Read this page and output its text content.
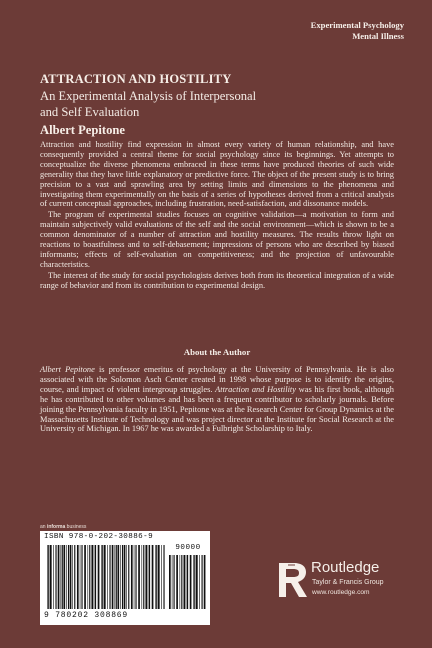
Experimental Psychology
Mental Illness
ATTRACTION AND HOSTILITY
An Experimental Analysis of Interpersonal
and Self Evaluation
Albert Pepitone

Attraction and hostility find expression in almost every variety of human relationship, and have consequently provided a central theme for social psychology since its beginnings. Yet attempts to conceptualize the diverse phenomena embraced in these terms have produced theories of such wide generality that they have little explanatory or predictive force. The object of the present study is to bring precision to a vast and sprawling area by setting limits and dimensions to the phenomena and investigating them experimentally on the basis of a series of hypotheses derived from a critical analysis of current conceptual approaches, including frustration, need-satisfaction, and dissonance models.

The program of experimental studies focuses on cognitive validation—a motivation to form and maintain subjectively valid evaluations of the self and the social environment—which is shown to be a common denominator of a number of attraction and hostility measures. The results throw light on reactions to boastfulness and to self-debasement; impressions of persons who are described by biased informants; effects of self-evaluation on competitiveness; and the projection of unfavourable characteristics.

The interest of the study for social psychologists derives both from its theoretical integration of a wide range of behavior and from its contribution to experimental design.

About the Author

Albert Pepitone is professor emeritus of psychology at the University of Pennsylvania. He is also associated with the Solomon Asch Center created in 1998 whose purpose is to identify the origins, course, and impact of violent intergroup struggles. Attraction and Hostility was his first book, although he has contributed to other volumes and has been a frequent contributor to scholarly journals. Before joining the Pennsylvania faculty in 1951, Pepitone was at the Research Center for Group Dynamics at the Massachusetts Institute of Technology and was project director at the Institute for Social Research at the University of Michigan. In 1967 he was awarded a Fulbright Scholarship to Italy.

an informa business
ISBN 978-0-202-30886-9
90000
9 780202 308869
Routledge
Taylor & Francis Group
www.routledge.com
